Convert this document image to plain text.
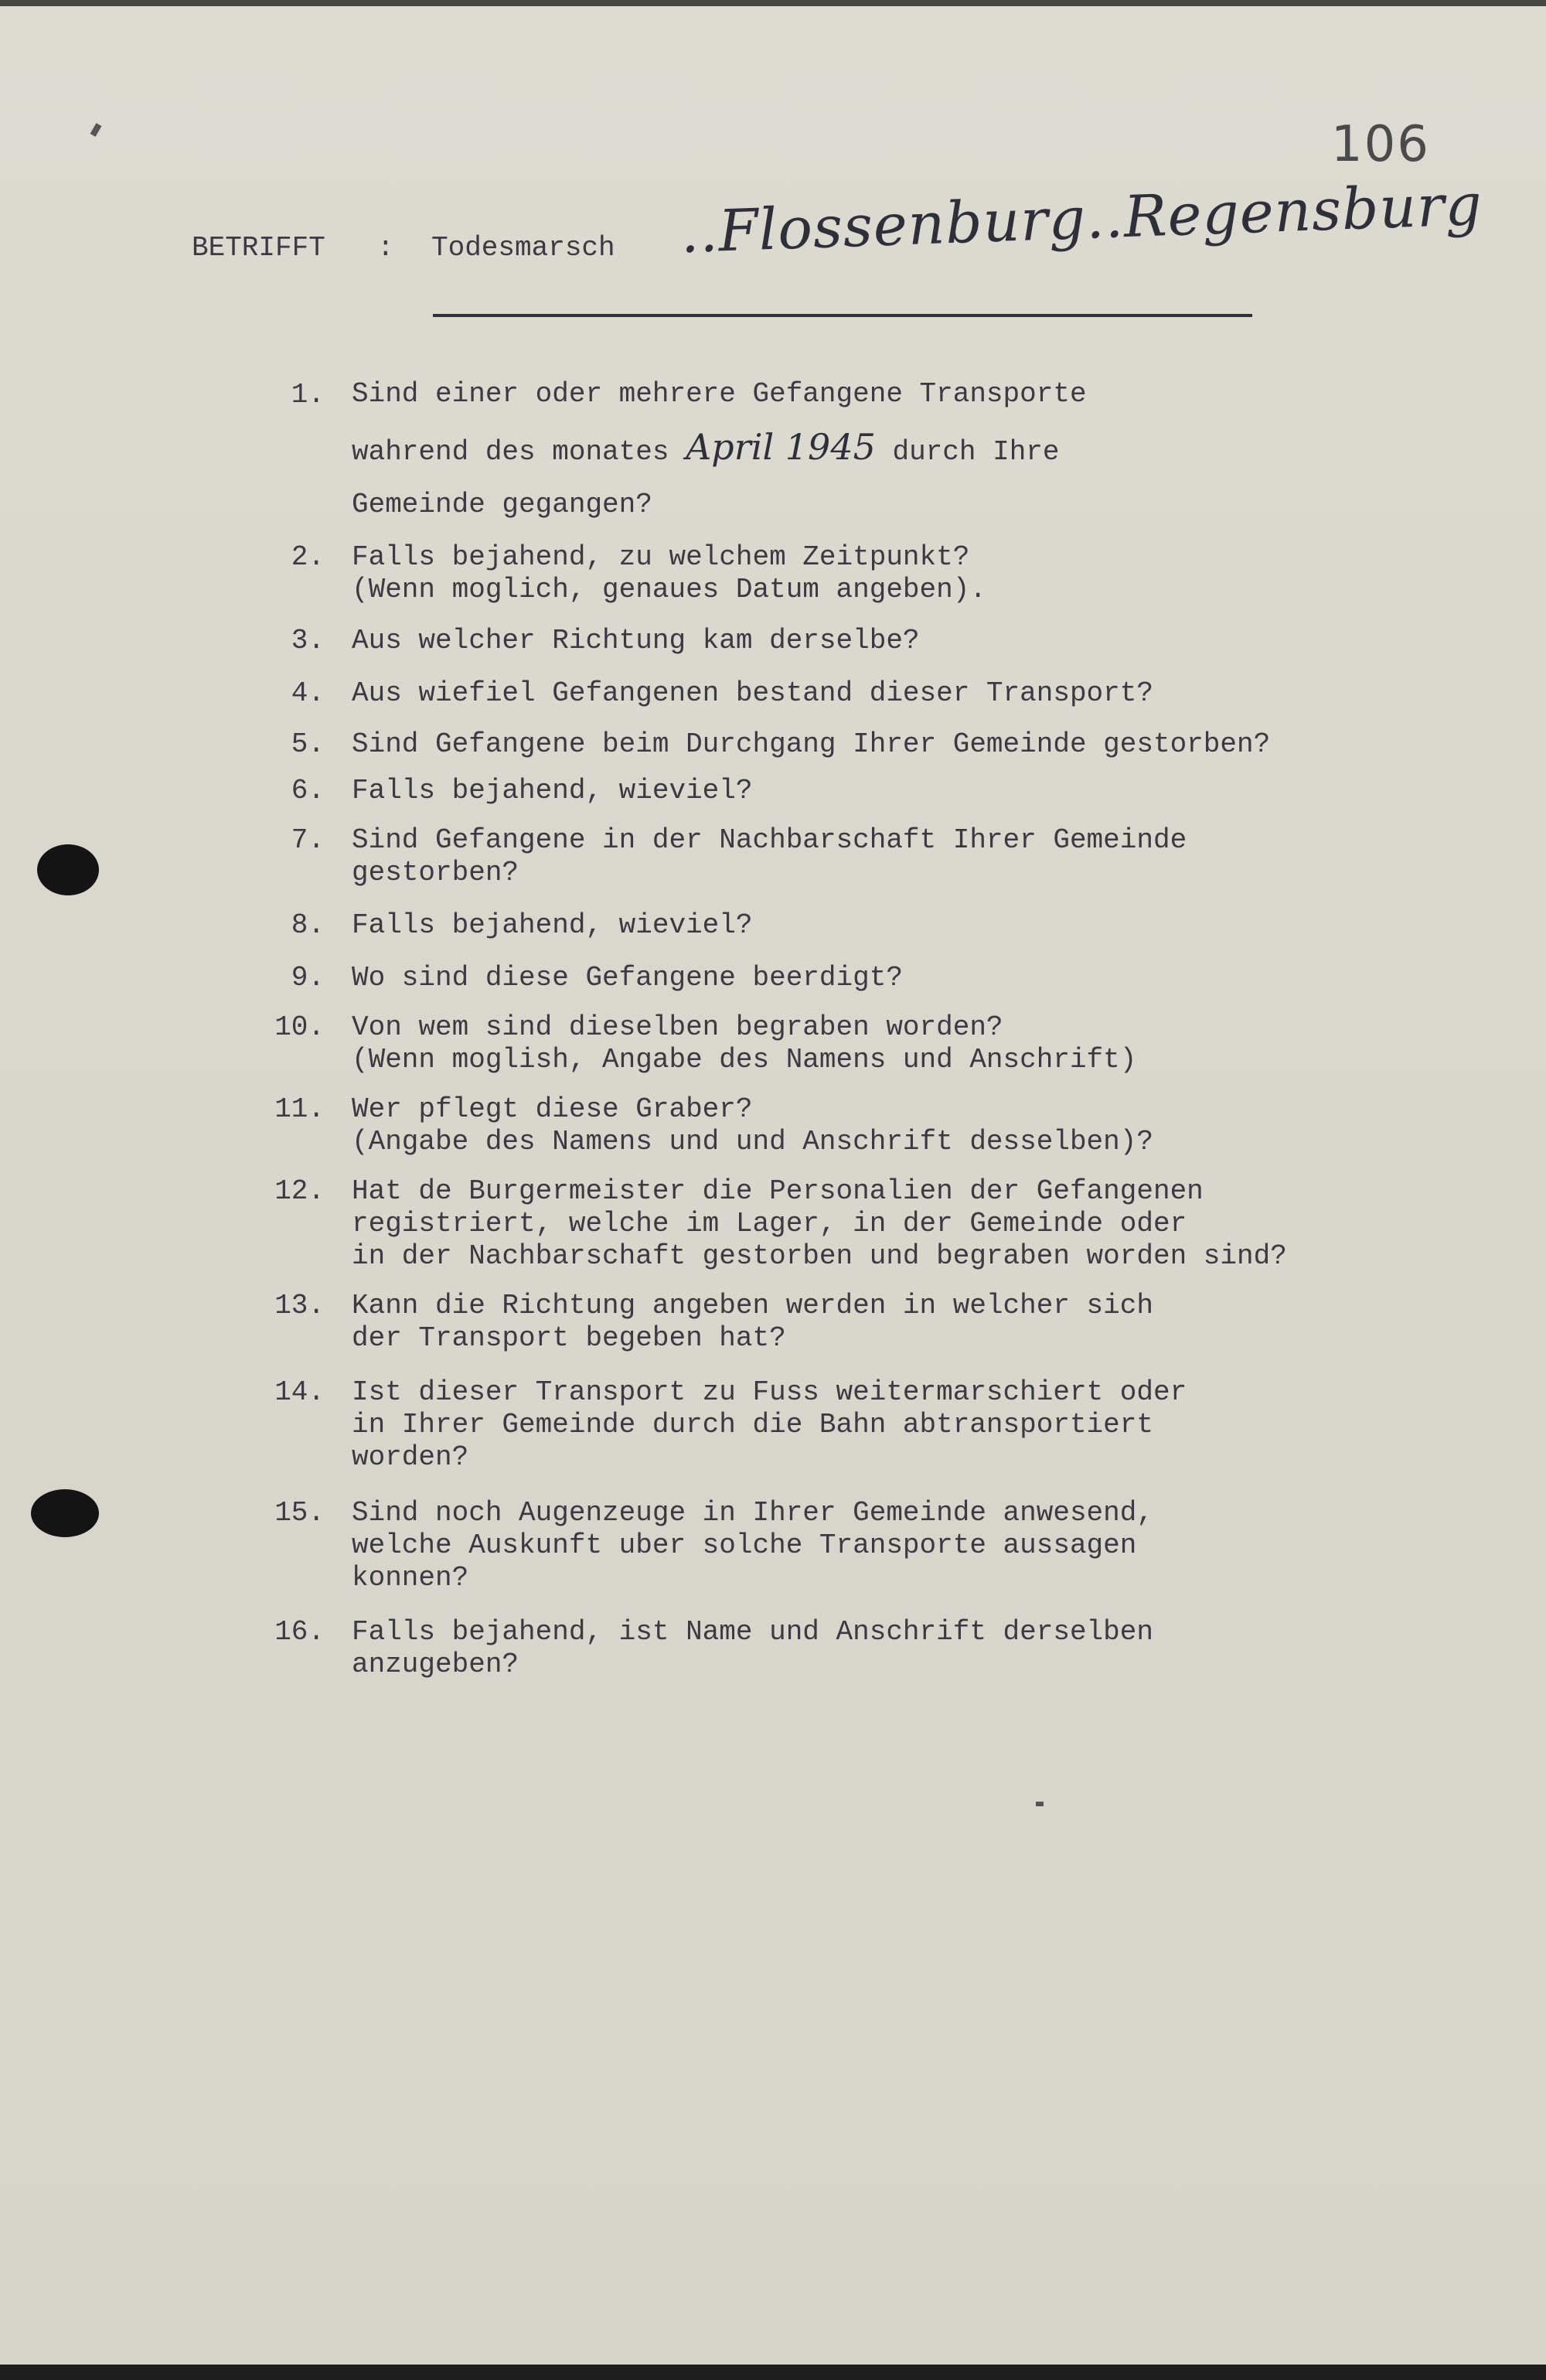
106
BETRIFFT : Todesmarsch ..Flossenburg..Regensburg
1. Sind einer oder mehrere Gefangene Transporte
wahrend des monates April 1945 durch Ihre
Gemeinde gegangen?
2. Falls bejahend, zu welchem Zeitpunkt?
(Wenn moglich, genaues Datum angeben).
3. Aus welcher Richtung kam derselbe?
4. Aus wiefiel Gefangenen bestand dieser Transport?
5. Sind Gefangene beim Durchgang Ihrer Gemeinde gestorben?
6. Falls bejahend, wieviel?
7. Sind Gefangene in der Nachbarschaft Ihrer Gemeinde
gestorben?
8. Falls bejahend, wieviel?
9. Wo sind diese Gefangene beerdigt?
10. Von wem sind dieselben begraben worden?
(Wenn moglish, Angabe des Namens und Anschrift)
11. Wer pflegt diese Graber?
(Angabe des Namens und und Anschrift desselben)?
12. Hat de Burgermeister die Personalien der Gefangenen
registriert, welche im Lager, in der Gemeinde oder
in der Nachbarschaft gestorben und begraben worden sind?
13. Kann die Richtung angeben werden in welcher sich
der Transport begeben hat?
14. Ist dieser Transport zu Fuss weitermarschiert oder
in Ihrer Gemeinde durch die Bahn abtransportiert
worden?
15. Sind noch Augenzeuge in Ihrer Gemeinde anwesend,
welche Auskunft uber solche Transporte aussagen
konnen?
16. Falls bejahend, ist Name und Anschrift derselben
anzugeben?
